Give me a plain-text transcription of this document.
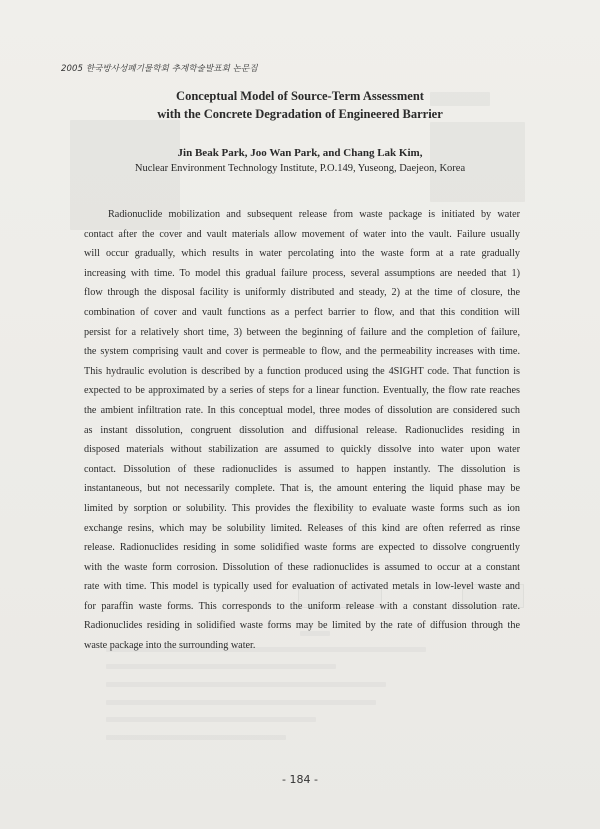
2005 한국방사성폐기물학회 추계학술발표회 논문집
Conceptual Model of Source-Term Assessment
with the Concrete Degradation of Engineered Barrier
Jin Beak Park, Joo Wan Park, and Chang Lak Kim,
Nuclear Environment Technology Institute, P.O.149, Yuseong, Daejeon, Korea
Radionuclide mobilization and subsequent release from waste package is initiated by water
contact after the cover and vault materials allow movement of water into the vault. Failure usually
will occur gradually, which results in water percolating into the waste form at a rate gradually
increasing with time. To model this gradual failure process, several assumptions are needed that 1)
flow through the disposal facility is uniformly distributed and steady, 2) at the time of closure, the
combination of cover and vault functions as a perfect barrier to flow, and that this condition will
persist for a relatively short time, 3) between the beginning of failure and the completion of failure,
the system comprising vault and cover is permeable to flow, and the permeability increases with time.
This hydraulic evolution is described by a function produced using the 4SIGHT code. That function is
expected to be approximated by a series of steps for a linear function. Eventually, the flow rate reaches
the ambient infiltration rate. In this conceptual model, three modes of dissolution are considered such
as instant dissolution, congruent dissolution and diffusional release. Radionuclides residing in
disposed materials without stabilization are assumed to quickly dissolve into water upon water
contact. Dissolution of these radionuclides is assumed to happen instantly. The dissolution is
instantaneous, but not necessarily complete. That is, the amount entering the liquid phase may be
limited by sorption or solubility. This provides the flexibility to evaluate waste forms such as ion
exchange resins, which may be solubility limited. Releases of this kind are often referred as rinse
release. Radionuclides residing in some solidified waste forms are expected to dissolve congruently
with the waste form corrosion. Dissolution of these radionuclides is assumed to occur at a constant
rate with time. This model is typically used for evaluation of activated metals in low-level waste and
for paraffin waste forms. This corresponds to the uniform release with a constant dissolution rate.
Radionuclides residing in solidified waste forms may be limited by the rate of diffusion through the
waste package into the surrounding water.
- 184 -
